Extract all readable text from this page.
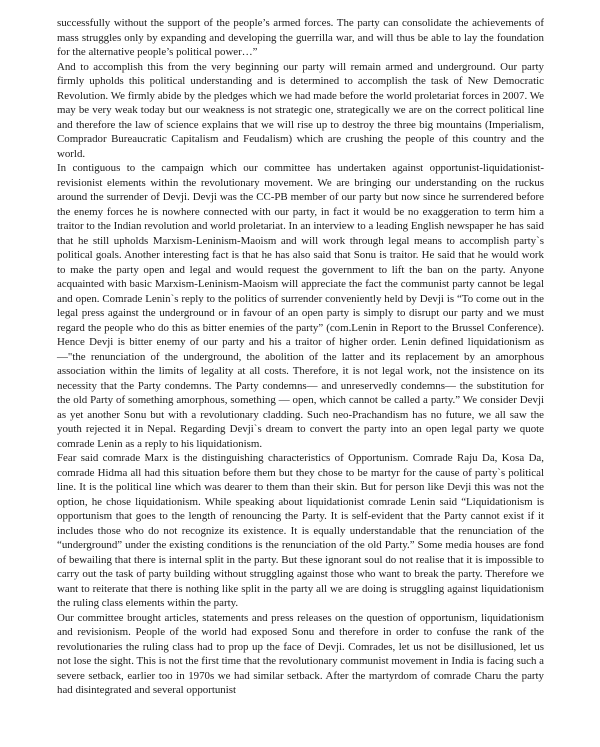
successfully without the support of the people’s armed forces. The party can consolidate the achievements of mass struggles only by expanding and developing the guerrilla war, and will thus be able to lay the foundation for the alternative people’s political power…”

And to accomplish this from the very beginning our party will remain armed and underground. Our party firmly upholds this political understanding and is determined to accomplish the task of New Democratic Revolution. We firmly abide by the pledges which we had made before the world proletariat forces in 2007. We may be very weak today but our weakness is not strategic one, strategically we are on the correct political line and therefore the law of science explains that we will rise up to destroy the three big mountains (Imperialism, Comprador Bureaucratic Capitalism and Feudalism) which are crushing the people of this country and the world.

In contiguous to the campaign which our committee has undertaken against opportunist-liquidationist-revisionist elements within the revolutionary movement. We are bringing our understanding on the ruckus around the surrender of Devji. Devji was the CC-PB member of our party but now since he surrendered before the enemy forces he is nowhere connected with our party, in fact it would be no exaggeration to term him a traitor to the Indian revolution and world proletariat. In an interview to a leading English newspaper he has said that he still upholds Marxism-Leninism-Maoism and will work through legal means to accomplish party`s political goals. Another interesting fact is that he has also said that Sonu is traitor. He said that he would work to make the party open and legal and would request the government to lift the ban on the party. Anyone acquainted with basic Marxism-Leninism-Maoism will appreciate the fact the communist party cannot be legal and open. Comrade Lenin`s reply to the politics of surrender conveniently held by Devji is “To come out in the legal press against the underground or in favour of an open party is simply to disrupt our party and we must regard the people who do this as bitter enemies of the party” (com.Lenin in Report to the Brussel Conference). Hence Devji is bitter enemy of our party and his a traitor of higher order. Lenin defined liquidationism as —"the renunciation of the underground, the abolition of the latter and its replacement by an amorphous association within the limits of legality at all costs. Therefore, it is not legal work, not the insistence on its necessity that the Party condemns. The Party condemns— and unreservedly condemns— the substitution for the old Party of something amorphous, something — open, which cannot be called a party.” We consider Devji as yet another Sonu but with a revolutionary cladding. Such neo-Prachandism has no future, we all saw the youth rejected it in Nepal. Regarding Devji`s dream to convert the party into an open legal party we quote comrade Lenin as a reply to his liquidationism.

Fear said comrade Marx is the distinguishing characteristics of Opportunism. Comrade Raju Da, Kosa Da, comrade Hidma all had this situation before them but they chose to be martyr for the cause of party`s political line. It is the political line which was dearer to them than their skin. But for person like Devji this was not the option, he chose liquidationism. While speaking about liquidationist comrade Lenin said “Liquidationism is opportunism that goes to the length of renouncing the Party. It is self-evident that the Party cannot exist if it includes those who do not recognize its existence. It is equally understandable that the renunciation of the “underground” under the existing conditions is the renunciation of the old Party.” Some media houses are fond of bewailing that there is internal split in the party. But these ignorant soul do not realise that it is impossible to carry out the task of party building without struggling against those who want to break the party. Therefore we want to reiterate that there is nothing like split in the party all we are doing is struggling against liquidationism the ruling class elements within the party.

Our committee brought articles, statements and press releases on the question of opportunism, liquidationism and revisionism. People of the world had exposed Sonu and therefore in order to confuse the rank of the revolutionaries the ruling class had to prop up the face of Devji. Comrades, let us not be disillusioned, let us not lose the sight. This is not the first time that the revolutionary communist movement in India is facing such a severe setback, earlier too in 1970s we had similar setback. After the martyrdom of comrade Charu the party had disintegrated and several opportunist
